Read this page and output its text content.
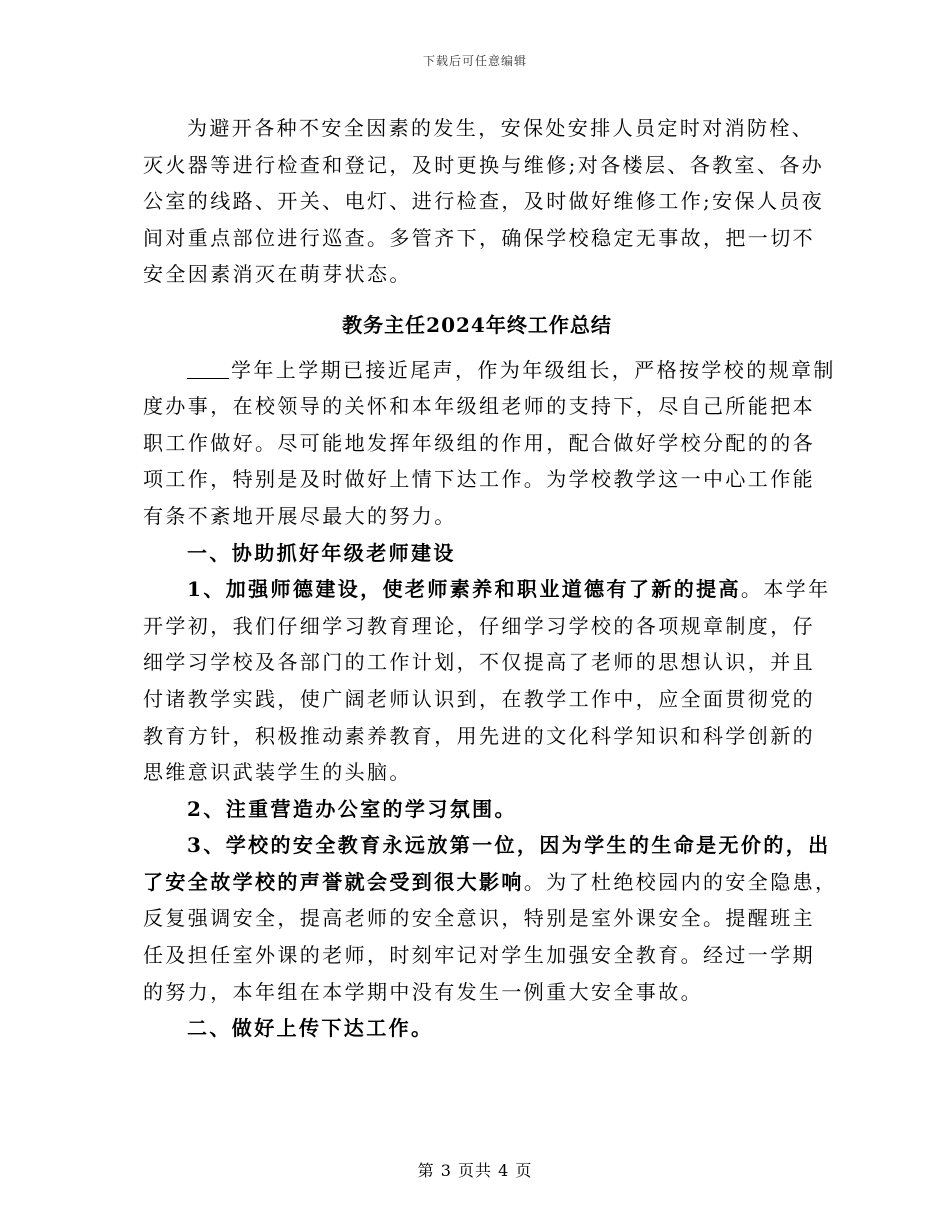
下载后可任意编辑
为避开各种不安全因素的发生，安保处安排人员定时对消防栓、
灭火器等进行检查和登记，及时更换与维修;对各楼层、各教室、各办
公室的线路、开关、电灯、进行检查，及时做好维修工作;安保人员夜
间对重点部位进行巡查。多管齐下，确保学校稳定无事故，把一切不
安全因素消灭在萌芽状态。
教务主任2024年终工作总结
学年上学期已接近尾声，作为年级组长，严格按学校的规章制
度办事，在校领导的关怀和本年级组老师的支持下，尽自己所能把本
职工作做好。尽可能地发挥年级组的作用，配合做好学校分配的的各
项工作，特别是及时做好上情下达工作。为学校教学这一中心工作能
有条不紊地开展尽最大的努力。
一、协助抓好年级老师建设
1、加强师德建设，使老师素养和职业道德有了新的提高。本学年
开学初，我们仔细学习教育理论，仔细学习学校的各项规章制度，仔
细学习学校及各部门的工作计划，不仅提高了老师的思想认识，并且
付诸教学实践，使广阔老师认识到，在教学工作中，应全面贯彻党的
教育方针，积极推动素养教育，用先进的文化科学知识和科学创新的
思维意识武装学生的头脑。
2、注重营造办公室的学习氛围。
3、学校的安全教育永远放第一位，因为学生的生命是无价的，出
了安全故学校的声誉就会受到很大影响。为了杜绝校园内的安全隐患，
反复强调安全，提高老师的安全意识，特别是室外课安全。提醒班主
任及担任室外课的老师，时刻牢记对学生加强安全教育。经过一学期
的努力，本年组在本学期中没有发生一例重大安全事故。
二、做好上传下达工作。
第 3 页共 4 页
